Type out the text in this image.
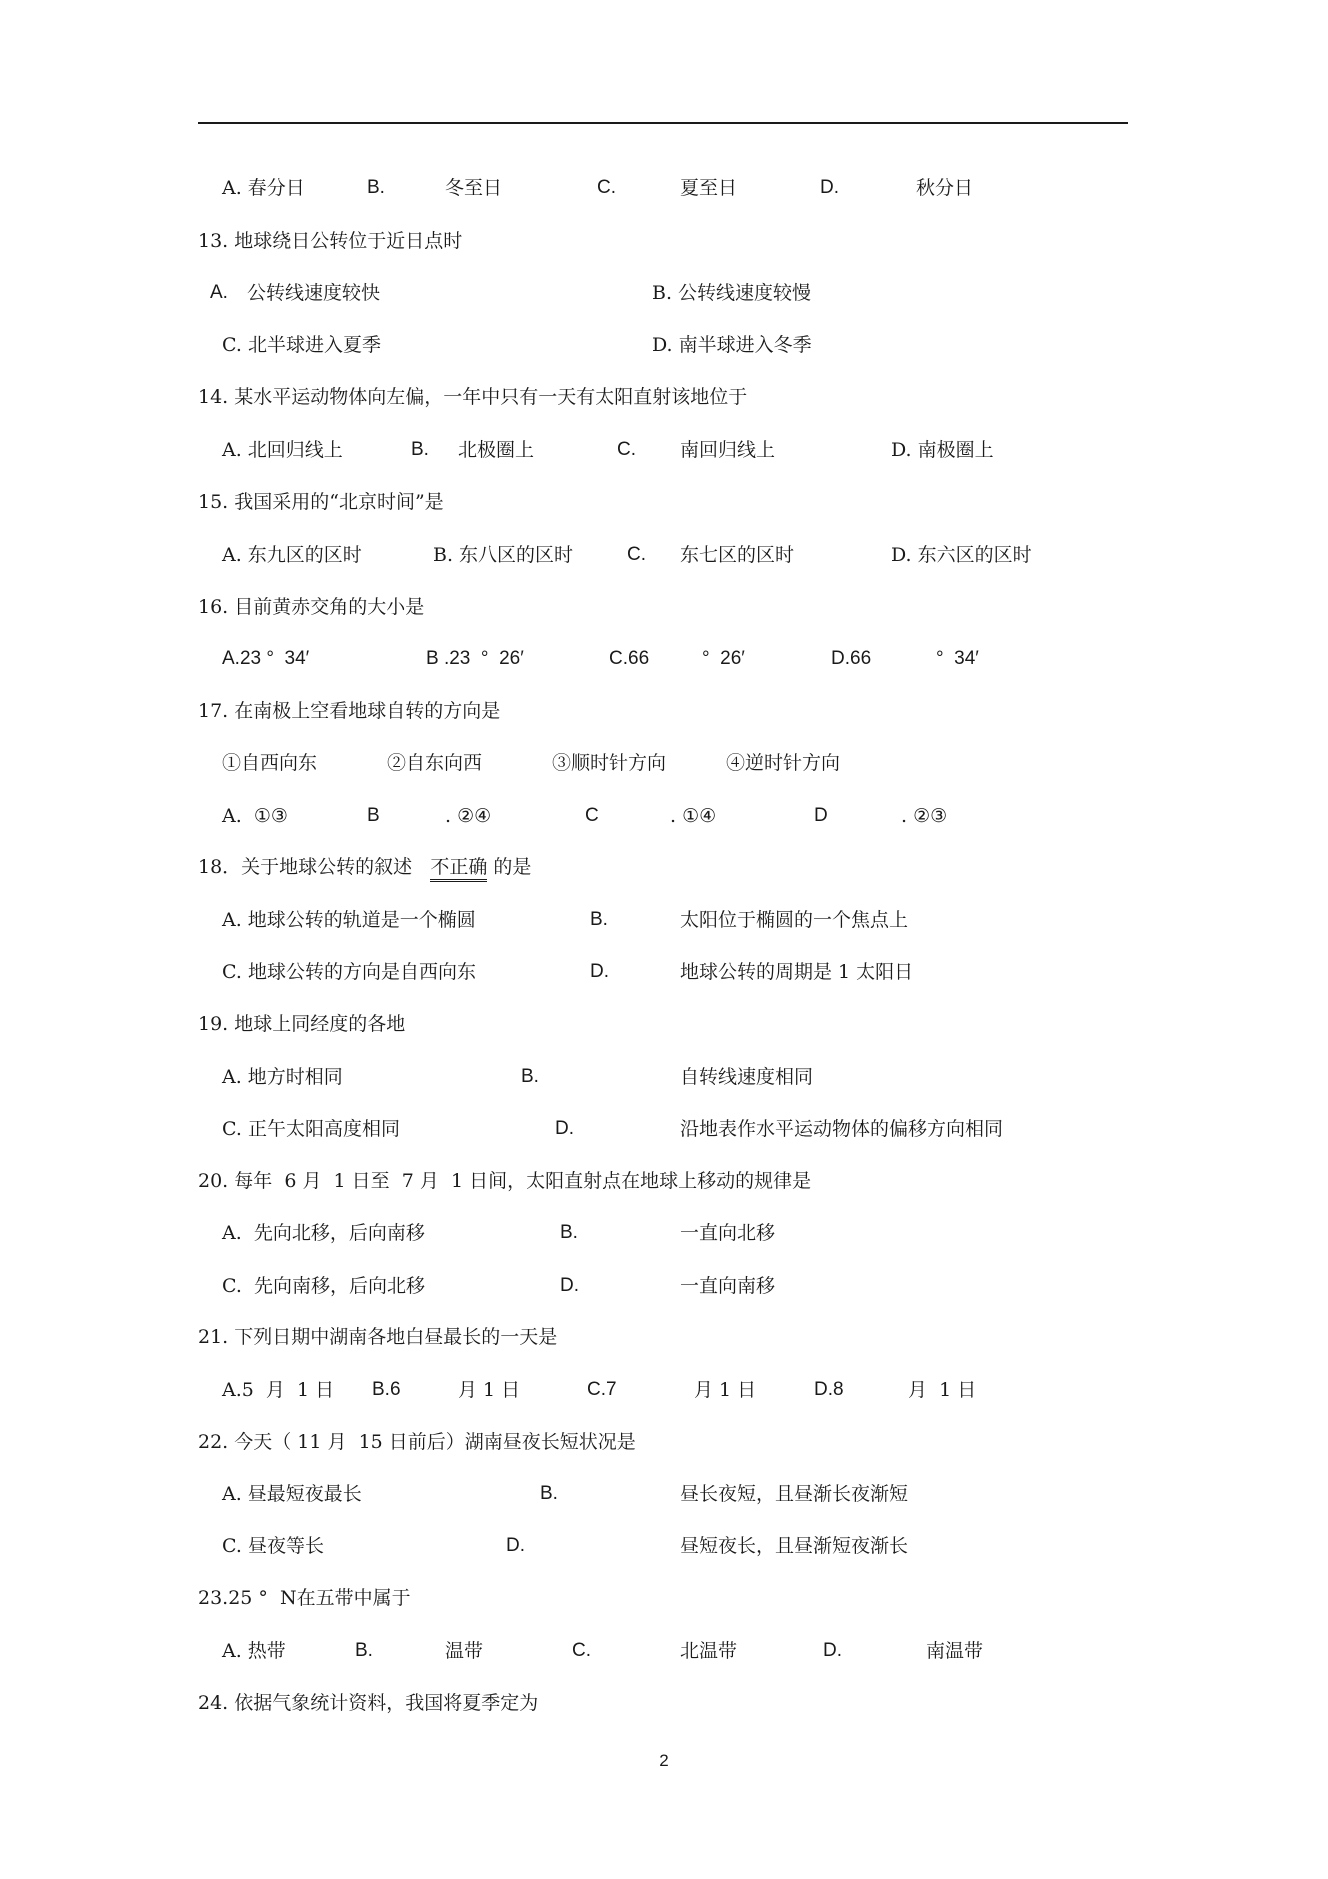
A. 春分日	B.	冬至日	C.	夏至日	D.	秋分日
13. 地球绕日公转位于近日点时
A. 公转线速度较快	B. 公转线速度较慢
C. 北半球进入夏季	D. 南半球进入冬季
14. 某水平运动物体向左偏，一年中只有一天有太阳直射该地位于
A. 北回归线上	B. 北极圈上	C. 南回归线上	D. 南极圈上
15. 我国采用的“北京时间”是
A. 东九区的区时	B. 东八区的区时	C. 东七区的区时	D. 东六区的区时
16. 目前黄赤交角的大小是
A.23 °  34′	B .23  °  26′	C.66	°  26′	D.66	°  34′
17. 在南极上空看地球自转的方向是
①自西向东	②自东向西	③顺时针方向	④逆时针方向
A.  ①③	B	. ②④	C	. ①④	D	. ②③
18．关于地球公转的叙述 不正确 的是
A. 地球公转的轨道是一个椭圆	B.	太阳位于椭圆的一个焦点上
C. 地球公转的方向是自西向东	D.	地球公转的周期是 1 太阳日
19. 地球上同经度的各地
A. 地方时相同	B.	自转线速度相同
C. 正午太阳高度相同	D.	沿地表作水平运动物体的偏移方向相同
20. 每年  6 月  1 日至  7 月  1 日间，太阳直射点在地球上移动的规律是
A.  先向北移，后向南移	B.	一直向北移
C.  先向南移，后向北移	D.	一直向南移
21. 下列日期中湖南各地白昼最长的一天是
A.5  月  1 日 B.6	月 1 日	C.7	月 1 日	D.8	月  1 日
22. 今天（ 11 月  15 日前后）湖南昼夜长短状况是
A. 昼最短夜最长	B.	昼长夜短，且昼渐长夜渐短
C. 昼夜等长	D.	昼短夜长，且昼渐短夜渐长
23.25 °  N在五带中属于
A. 热带	B.	温带	C.	北温带	D.	南温带
24. 依据气象统计资料，我国将夏季定为
2
